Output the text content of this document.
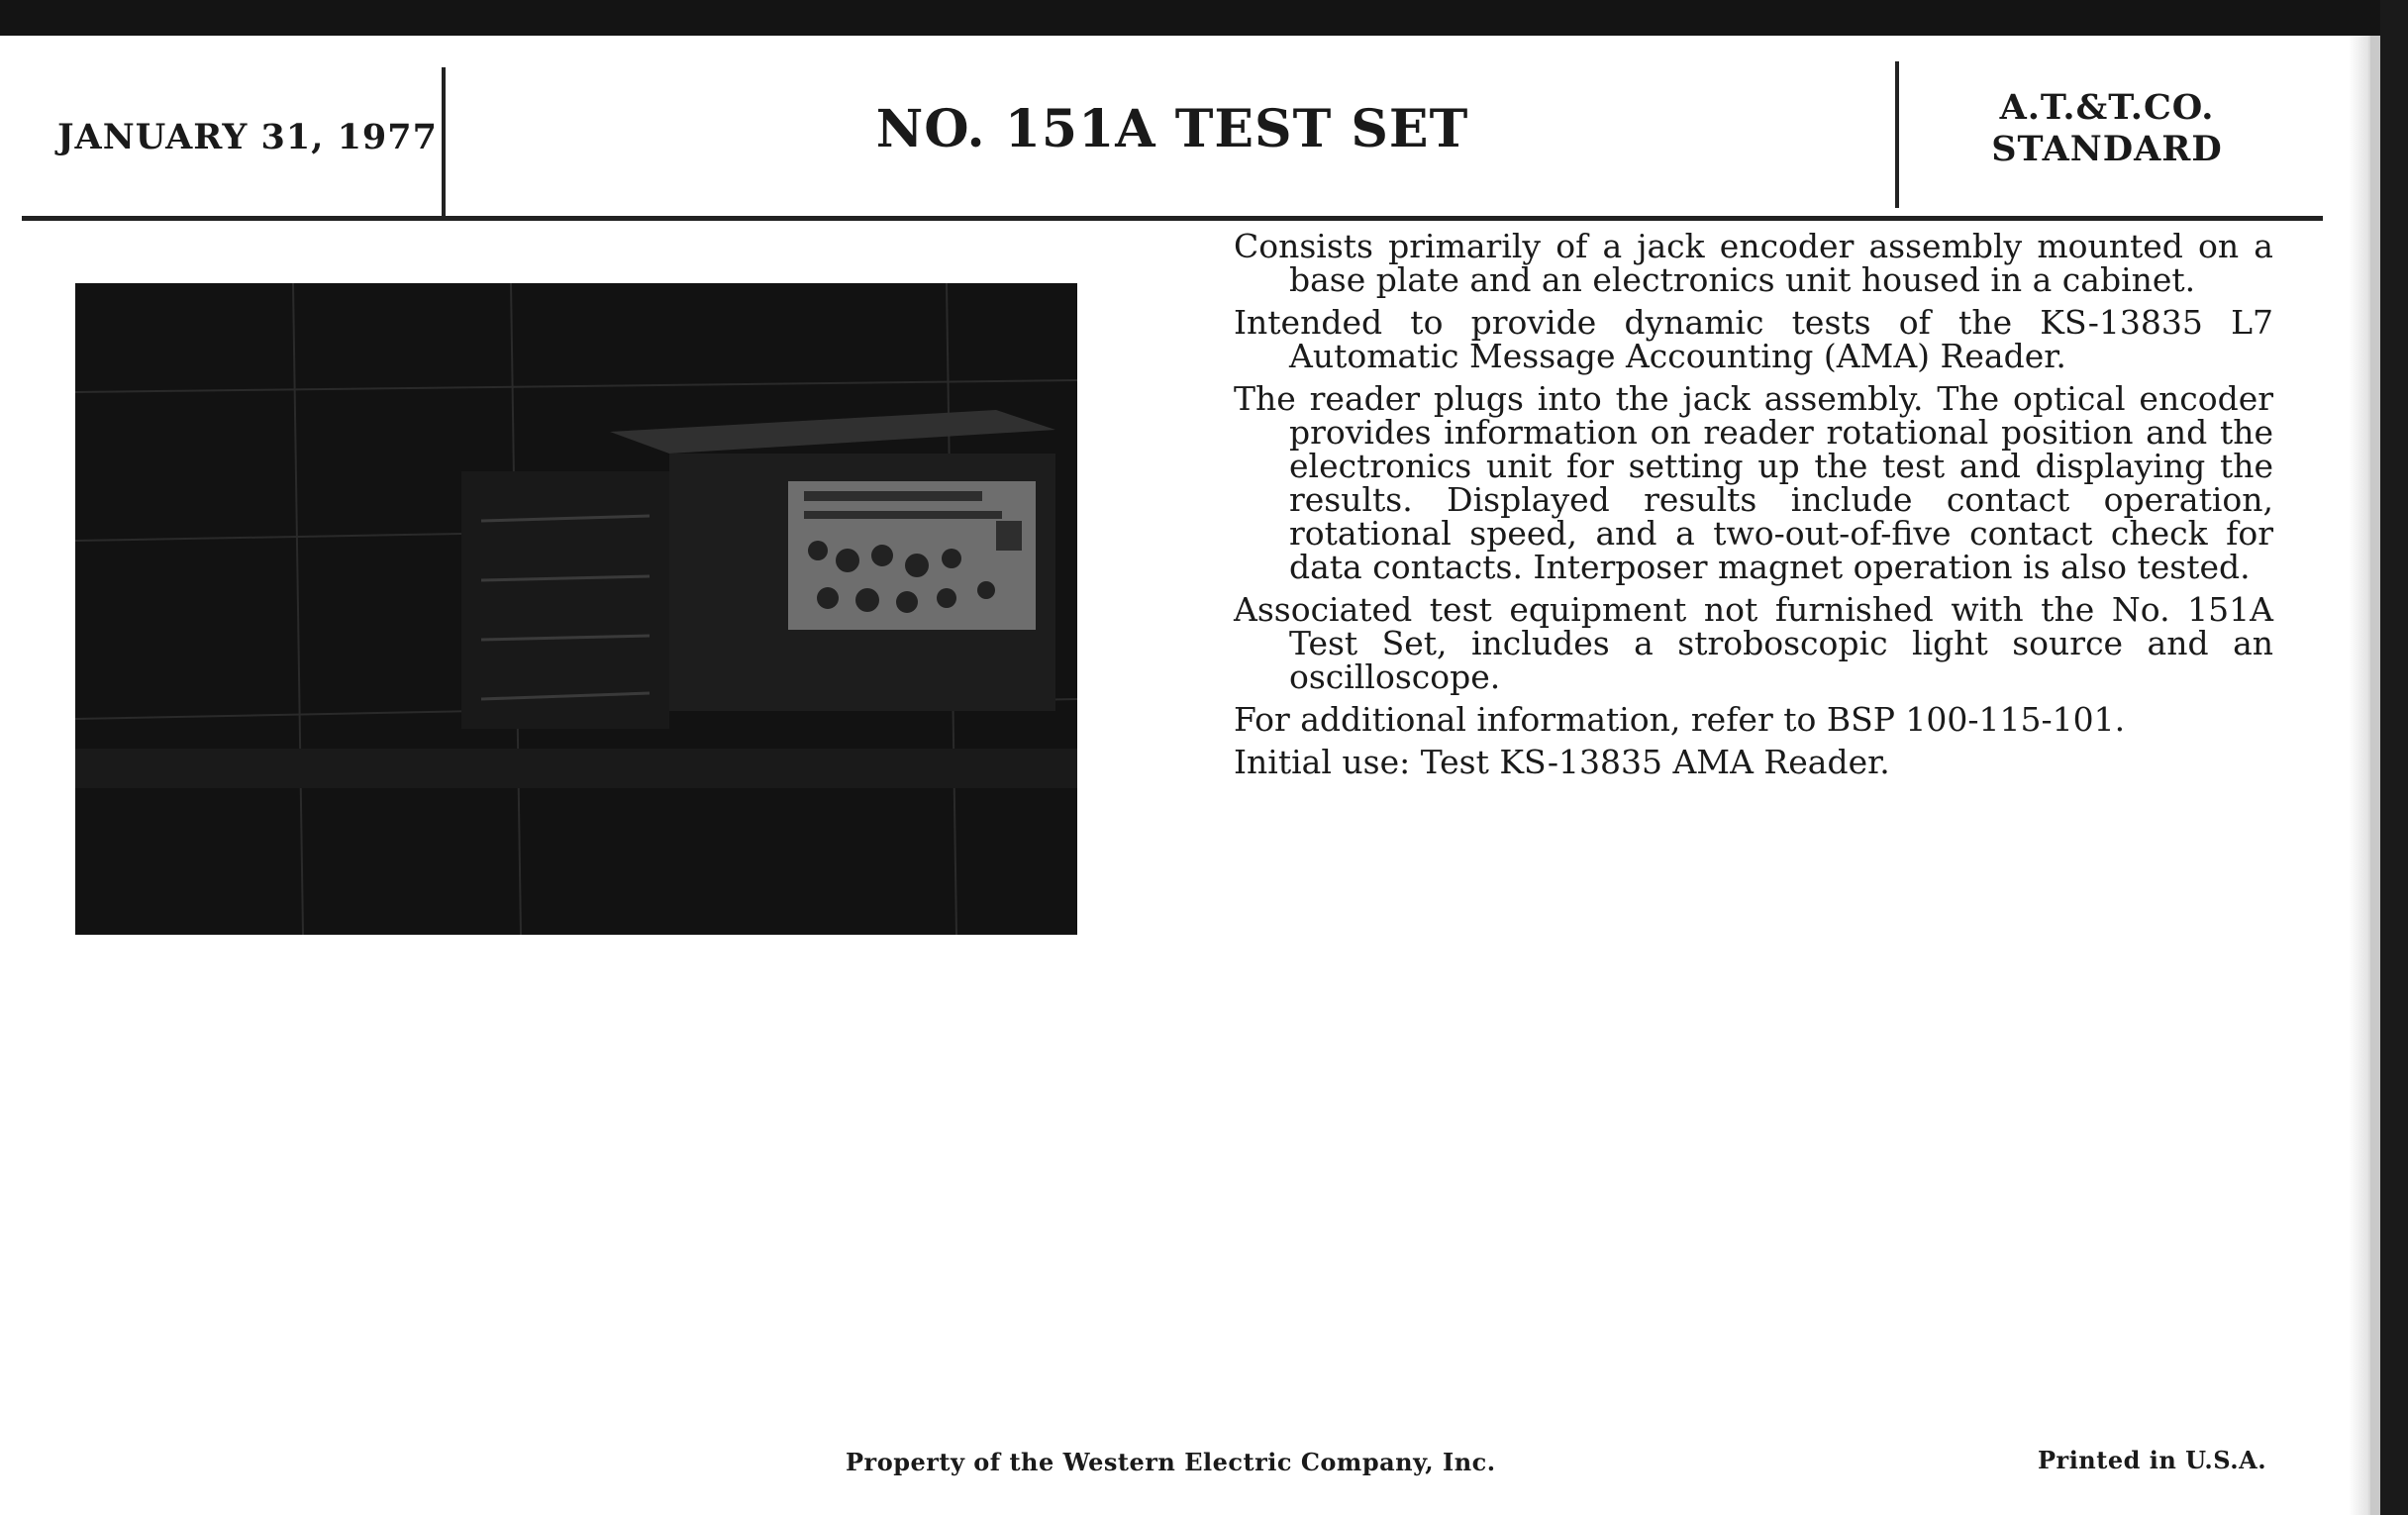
JANUARY 31, 1977	NO. 151A TEST SET	A.T.&T.CO.
STANDARD

Consists primarily of a jack encoder assembly mounted on a base plate and an electronics unit housed in a cabinet.

Intended to provide dynamic tests of the KS-13835 L7 Automatic Message Accounting (AMA) Reader.

The reader plugs into the jack assembly. The optical encoder provides information on reader rotational position and the electronics unit for setting up the test and displaying the results. Displayed results include contact operation, rotational speed, and a two-out-of-five contact check for data contacts. Interposer magnet operation is also tested.

Associated test equipment not furnished with the No. 151A Test Set, includes a stroboscopic light source and an oscilloscope.

For additional information, refer to BSP 100-115-101.

Initial use: Test KS-13835 AMA Reader.

Property of the Western Electric Company, Inc.	Printed in U.S.A.
